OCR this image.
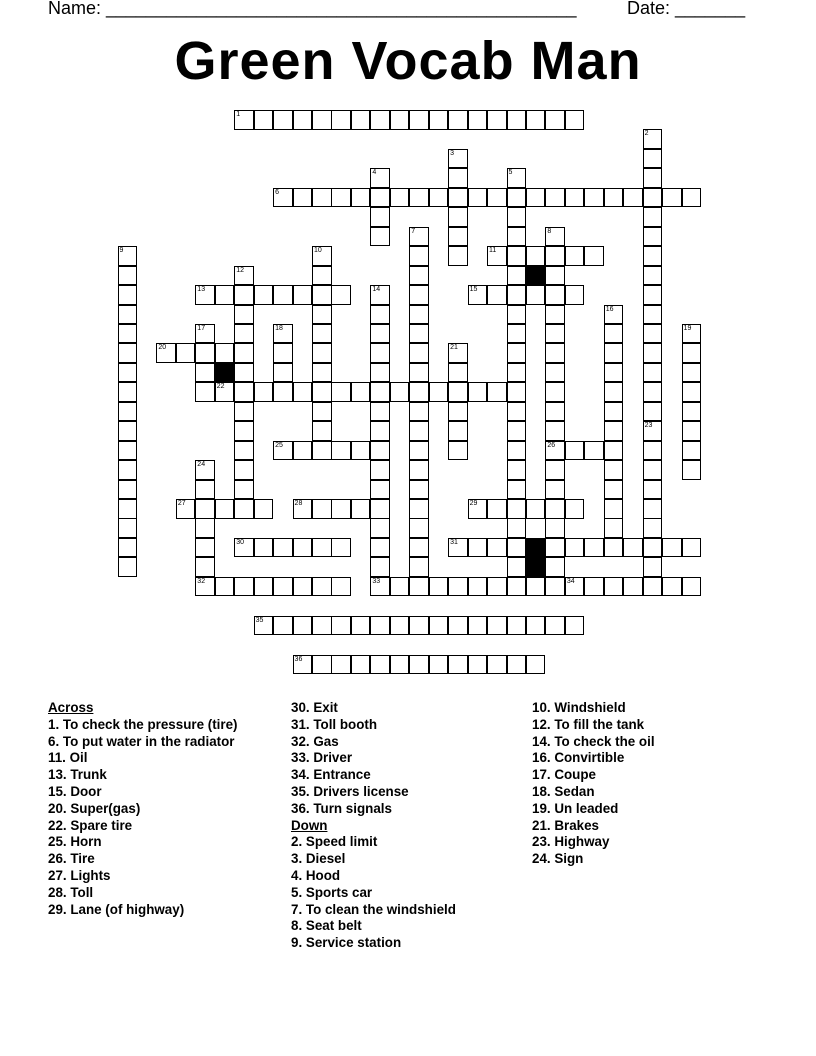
Name: _______________________________________________	Date: _______
Green Vocab Man
1
2
3
4	5
6
7	8
9	10	11
12
13	14	15
16
17	18	19
20	21
22
23
24
25	26
27	28	29
30	31
32	33	34
35
36
Across
1. To check the pressure (tire)
6. To put water in the radiator
11. Oil
13. Trunk
15. Door
20. Super(gas)
22. Spare tire
25. Horn
26. Tire
27. Lights
28. Toll
29. Lane (of highway)
30. Exit
31. Toll booth
32. Gas
33. Driver
34. Entrance
35. Drivers license
36. Turn signals
Down
2. Speed limit
3. Diesel
4. Hood
5. Sports car
7. To clean the windshield
8. Seat belt
9. Service station
10. Windshield
12. To fill the tank
14. To check the oil
16. Convirtible
17. Coupe
18. Sedan
19. Un leaded
21. Brakes
23. Highway
24. Sign
